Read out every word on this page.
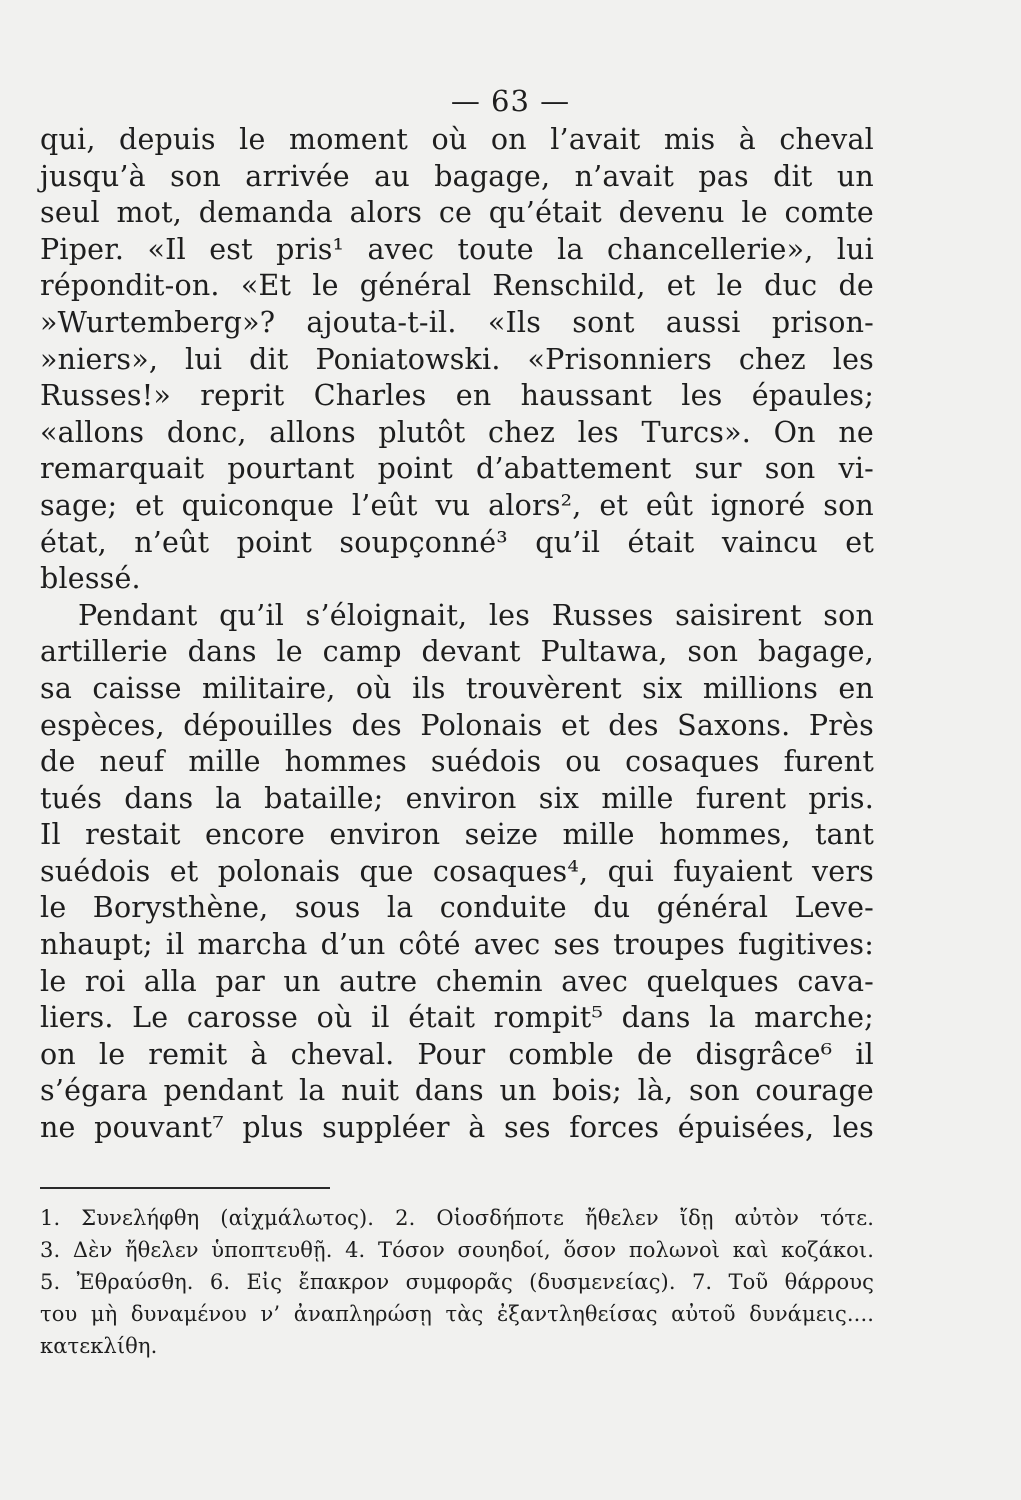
— 63 —
qui, depuis le moment où on l’avait mis à cheval
jusqu’à son arrivée au bagage, n’avait pas dit un
seul mot, demanda alors ce qu’était devenu le comte
Piper. «Il est pris¹ avec toute la chancellerie», lui
répondit-on. «Et le général Renschild, et le duc de
»Wurtemberg»? ajouta-t-il. «Ils sont aussi prison-
»niers», lui dit Poniatowski. «Prisonniers chez les
Russes!» reprit Charles en haussant les épaules;
«allons donc, allons plutôt chez les Turcs». On ne
remarquait pourtant point d’abattement sur son vi-
sage; et quiconque l’eût vu alors², et eût ignoré son
état, n’eût point soupçonné³ qu’il était vaincu et
blessé.
Pendant qu’il s’éloignait, les Russes saisirent son
artillerie dans le camp devant Pultawa, son bagage,
sa caisse militaire, où ils trouvèrent six millions en
espèces, dépouilles des Polonais et des Saxons. Près
de neuf mille hommes suédois ou cosaques furent
tués dans la bataille; environ six mille furent pris.
Il restait encore environ seize mille hommes, tant
suédois et polonais que cosaques⁴, qui fuyaient vers
le Borysthène, sous la conduite du général Leve-
nhaupt; il marcha d’un côté avec ses troupes fugitives:
le roi alla par un autre chemin avec quelques cava-
liers. Le carosse où il était rompit⁵ dans la marche;
on le remit à cheval. Pour comble de disgrâce⁶ il
s’égara pendant la nuit dans un bois; là, son courage
ne pouvant⁷ plus suppléer à ses forces épuisées, les
1. Συνελήφθη (αἰχμάλωτος). 2. Οἱοσδήποτε ἤθελεν ἴδῃ αὐτὸν τότε.
3. Δὲν ἤθελεν ὑποπτευθῇ. 4. Τόσον σουηδοί, ὅσον πολωνοὶ καὶ κοζάκοι.
5. Ἐθραύσθη. 6. Εἰς ἔπακρον συμφορᾶς (δυσμενείας). 7. Τοῦ θάρρους
του μὴ δυναμένου ν’ ἀναπληρώσῃ τὰς ἐξαντληθείσας αὐτοῦ δυνάμεις....
κατεκλίθη.
